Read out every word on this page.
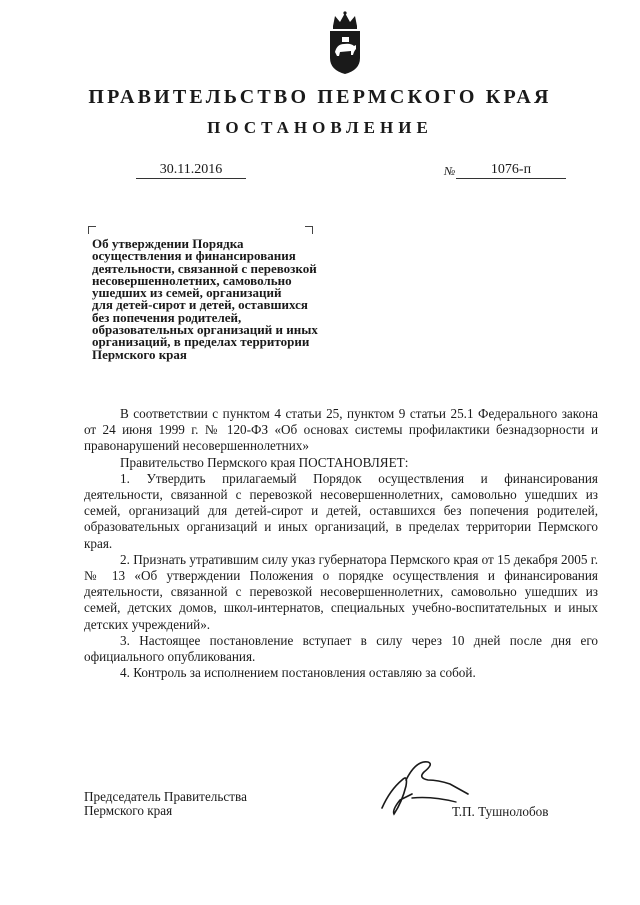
ПРАВИТЕЛЬСТВО ПЕРМСКОГО КРАЯ
ПОСТАНОВЛЕНИЕ
30.11.2016	№	1076-п
Об утверждении Порядка
осуществления и финансирования
деятельности, связанной с перевозкой
несовершеннолетних, самовольно
ушедших из семей, организаций
для детей-сирот и детей, оставшихся
без попечения родителей,
образовательных организаций и иных
организаций, в пределах территории
Пермского края

В соответствии с пунктом 4 статьи 25, пунктом 9 статьи 25.1 Федерального закона от 24 июня 1999 г. № 120-ФЗ «Об основах системы профилактики безнадзорности и правонарушений несовершеннолетних»

Правительство Пермского края ПОСТАНОВЛЯЕТ:

1. Утвердить прилагаемый Порядок осуществления и финансирования деятельности, связанной с перевозкой несовершеннолетних, самовольно ушедших из семей, организаций для детей-сирот и детей, оставшихся без попечения родителей, образовательных организаций и иных организаций, в пределах территории Пермского края.

2. Признать утратившим силу указ губернатора Пермского края от 15 декабря 2005 г. № 13 «Об утверждении Положения о порядке осуществления и финансирования деятельности, связанной с перевозкой несовершеннолетних, самовольно ушедших из семей, детских домов, школ-интернатов, специальных учебно-воспитательных и иных детских учреждений».

3. Настоящее постановление вступает в силу через 10 дней после дня его официального опубликования.

4. Контроль за исполнением постановления оставляю за собой.

Председатель Правительства
Пермского края	Т.П. Тушнолобов
